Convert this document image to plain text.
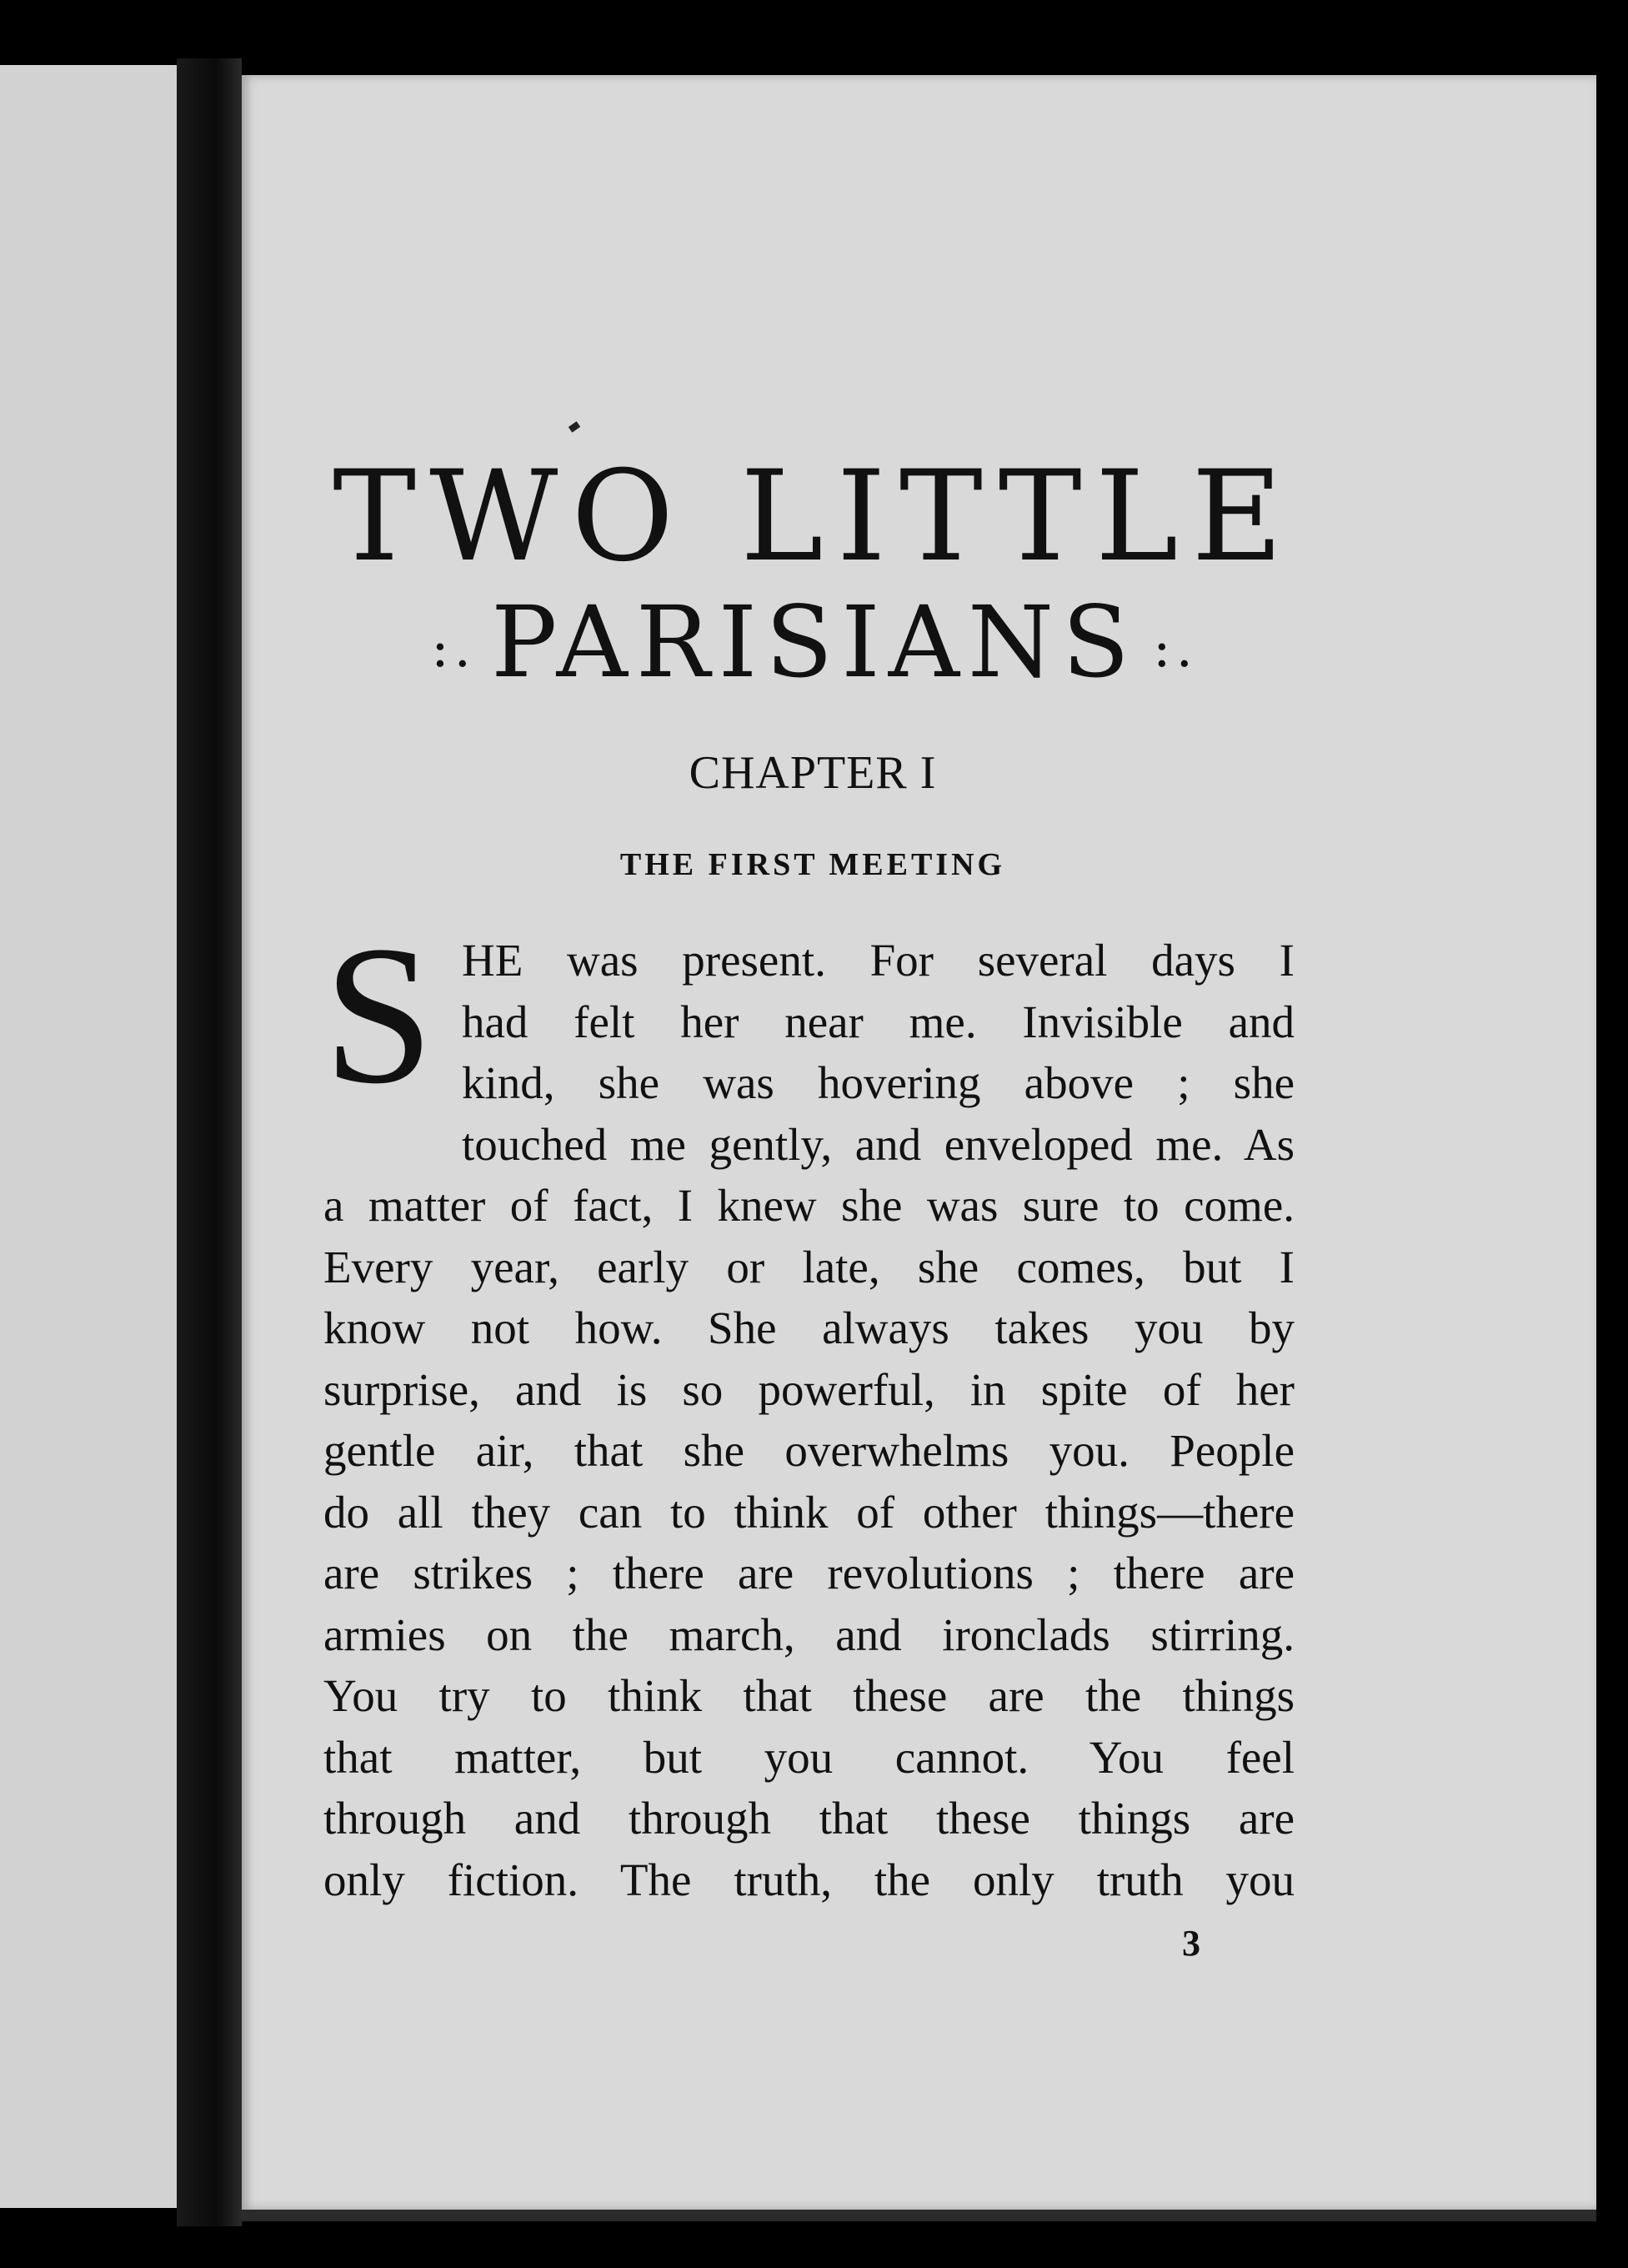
TWO LITTLE
:. PARISIANS :.
CHAPTER I
THE FIRST MEETING
S HE was present. For several days I
had felt her near me. Invisible and
kind, she was hovering above ; she
touched me gently, and enveloped me. As
a matter of fact, I knew she was sure to come.
Every year, early or late, she comes, but I
know not how. She always takes you by
surprise, and is so powerful, in spite of her
gentle air, that she overwhelms you. People
do all they can to think of other things—there
are strikes ; there are revolutions ; there are
armies on the march, and ironclads stirring.
You try to think that these are the things
that matter, but you cannot. You feel
through and through that these things are
only fiction. The truth, the only truth you
3
